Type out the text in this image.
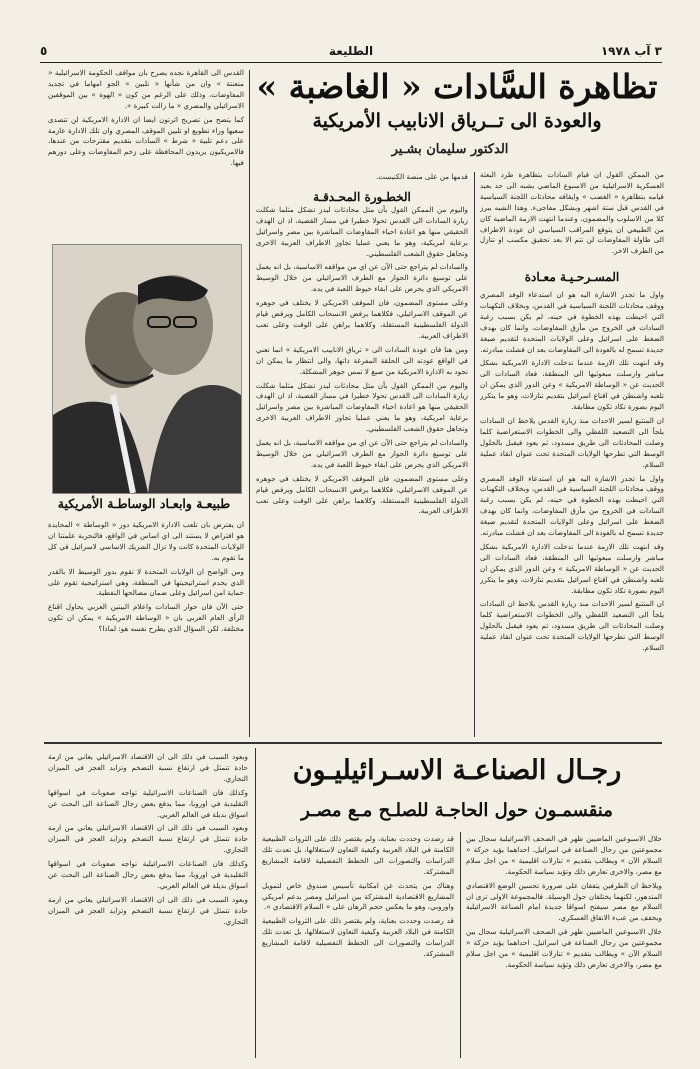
٣ آب ١٩٧٨
الطليعة
٥
تظاهرة السَّادات « الغاضبة »
والعودة الى تــرياق الانابيب الأمريكية
الدكتور سليمان بشـير

من الممكن القول ان قيام السادات بتظاهرة طرد البعثة العسكرية الاسرائيلية من الاسبوع الماضي يشبه الى حد بعيد قيامه بتظاهرة « الغضب » وايقافه محادثات اللجنة السياسية في القدس قبل ستة اشهر وبشكل مفاجىء. وهذا الشبه يبرز كلا من الاسلوب والمضمون. وعندما انتهت الازمة الماضية كان من الطبيعي ان يتوقع المراقب السياسي ان عودة الاطراف الى طاولة المفاوضات لن تتم الا بعد تحقيق مكسب او تنازل من الطرف الاخر.

المسـرحـيـة معـادة

واول ما تجدر الاشارة اليه هو ان استدعاء الوفد المصري ووقف محادثات اللجنة السياسية في القدس، وبخلاف التكهنات التي احيطت بهذه الخطوة في حينه، لم يكن بسبب رغبة السادات في الخروج من مأزق المفاوضات، وانما كان بهدف الضغط على اسرائيل وعلى الولايات المتحدة لتقديم صيغة جديدة تسمح له بالعودة الى المفاوضات بعد ان فشلت مبادرته.

وقد انتهت تلك الازمة عندما تدخلت الادارة الامريكية بشكل مباشر وارسلت مبعوثيها الى المنطقة، فعاد السادات الى الحديث عن « الوساطة الامريكية » وعن الدور الذي يمكن ان تلعبه واشنطن في اقناع اسرائيل بتقديم تنازلات، وهو ما يتكرر اليوم بصورة تكاد تكون مطابقة.

ان المتتبع لسير الاحداث منذ زيارة القدس يلاحظ ان السادات يلجأ الى التصعيد اللفظي والى الخطوات الاستعراضية كلما وصلت المحادثات الى طريق مسدود، ثم يعود فيقبل بالحلول الوسط التي تطرحها الولايات المتحدة تحت عنوان انقاذ عملية السلام.

واول ما تجدر الاشارة اليه هو ان استدعاء الوفد المصري ووقف محادثات اللجنة السياسية في القدس، وبخلاف التكهنات التي احيطت بهذه الخطوة في حينه، لم يكن بسبب رغبة السادات في الخروج من مأزق المفاوضات، وانما كان بهدف الضغط على اسرائيل وعلى الولايات المتحدة لتقديم صيغة جديدة تسمح له بالعودة الى المفاوضات بعد ان فشلت مبادرته.

وقد انتهت تلك الازمة عندما تدخلت الادارة الامريكية بشكل مباشر وارسلت مبعوثيها الى المنطقة، فعاد السادات الى الحديث عن « الوساطة الامريكية » وعن الدور الذي يمكن ان تلعبه واشنطن في اقناع اسرائيل بتقديم تنازلات، وهو ما يتكرر اليوم بصورة تكاد تكون مطابقة.

ان المتتبع لسير الاحداث منذ زيارة القدس يلاحظ ان السادات يلجأ الى التصعيد اللفظي والى الخطوات الاستعراضية كلما وصلت المحادثات الى طريق مسدود، ثم يعود فيقبل بالحلول الوسط التي تطرحها الولايات المتحدة تحت عنوان انقاذ عملية السلام.

الخطـورة المحـدقـة

قدمها من على منصة الكنيست.

واليوم من الممكن القول بأن مثل محادثات ليدز تشكل مثلما شكلت زيارة السادات الى القدس تحولا خطيرا في مسار القضية، اذ ان الهدف الحقيقي منها هو اعادة احياء المفاوضات المباشرة بين مصر واسرائيل برعاية امريكية، وهو ما يعني عمليا تجاوز الاطراف العربية الاخرى وتجاهل حقوق الشعب الفلسطيني.

والسادات لم يتراجع حتى الآن عن اي من مواقفه الاساسية، بل انه يعمل على توسيع دائرة الحوار مع الطرف الاسرائيلي من خلال الوسيط الامريكي الذي يحرص على ابقاء خيوط اللعبة في يده.

وعلى مستوى المضمون، فان الموقف الامريكي لا يختلف في جوهره عن الموقف الاسرائيلي، فكلاهما يرفض الانسحاب الكامل ويرفض قيام الدولة الفلسطينية المستقلة، وكلاهما يراهن على الوقت وعلى تعب الاطراف العربية.

ومن هنا فان عودة السادات الى « ترياق الانابيب الامريكية » انما تعني في الواقع عودته الى الحلقة المفرغة ذاتها، والى انتظار ما يمكن ان تجود به الادارة الامريكية من صيغ لا تمس جوهر المشكلة.

واليوم من الممكن القول بأن مثل محادثات ليدز تشكل مثلما شكلت زيارة السادات الى القدس تحولا خطيرا في مسار القضية، اذ ان الهدف الحقيقي منها هو اعادة احياء المفاوضات المباشرة بين مصر واسرائيل برعاية امريكية، وهو ما يعني عمليا تجاوز الاطراف العربية الاخرى وتجاهل حقوق الشعب الفلسطيني.

والسادات لم يتراجع حتى الآن عن اي من مواقفه الاساسية، بل انه يعمل على توسيع دائرة الحوار مع الطرف الاسرائيلي من خلال الوسيط الامريكي الذي يحرص على ابقاء خيوط اللعبة في يده.

وعلى مستوى المضمون، فان الموقف الامريكي لا يختلف في جوهره عن الموقف الاسرائيلي، فكلاهما يرفض الانسحاب الكامل ويرفض قيام الدولة الفلسطينية المستقلة، وكلاهما يراهن على الوقت وعلى تعب الاطراف العربية.

القدس الى القاهرة نجده يصرح بان مواقف الحكومة الاسرائيلية « متعنتة » وان من شأنها « تلبين » الجو امهاما في تجديد المفاوضات، وذلك على الرغم من كون « الهوة » بين الموقفين الاسرائيلي والمصري « ما زالت كبيرة ».

كما يتضح من تصريح اثرتون ايضا ان الادارة الامريكية لن تتصدى سعيها وراء تطويع او تليين الموقف المصري وان تلك الادارة عازمة على دعم تلبية « شرط » السادات بتقديم مقترحات من عندها، فالامريكيون يريدون المحافظة على زخم المفاوضات وعلى دورهم فيها.

طبيعـة وابعـاد الوساطـة الأمريكية

ان يفترض بان تلعب الادارة الامريكية دور « الوساطة » المحايدة هو افتراض لا يستند الى اي اساس في الواقع، فالتجربة علمتنا ان الولايات المتحدة كانت ولا تزال الشريك الاساسي لاسرائيل في كل ما تقوم به.

ومن الواضح ان الولايات المتحدة لا تقوم بدور الوسيط الا بالقدر الذي يخدم استراتيجيتها في المنطقة، وهي استراتيجية تقوم على حماية امن اسرائيل وعلى ضمان مصالحها النفطية.

حتى الآن فان حوار السادات واعلام البيتين العربي يحاول اقناع الرأي العام العربي بان « الوساطة الامريكية » يمكن ان تكون مختلفة، لكن السؤال الذي يطرح نفسه هو: لماذا؟

رجـال الصناعـة الاسـرائيليـون
منقسمـون حول الحاجـة للصلـح مـع مصـر

خلال الاسبوعين الماضيين ظهر في الصحف الاسرائيلية سجال بين مجموعتين من رجال الصناعة في اسرائيل. احداهما يؤيد حركة « السلام الآن » ويطالب بتقديم « تنازلات اقليمية » من اجل سلام مع مصر، والاخرى تعارض ذلك وتؤيد سياسة الحكومة.

ويلاحظ ان الطرفين يتفقان على ضرورة تحسين الوضع الاقتصادي المتدهور، لكنهما يختلفان حول الوسيلة. فالمجموعة الاولى ترى ان السلام مع مصر سيفتح اسواقا جديدة امام الصناعة الاسرائيلية ويخفف من عبء الانفاق العسكري.

خلال الاسبوعين الماضيين ظهر في الصحف الاسرائيلية سجال بين مجموعتين من رجال الصناعة في اسرائيل. احداهما يؤيد حركة « السلام الآن » ويطالب بتقديم « تنازلات اقليمية » من اجل سلام مع مصر، والاخرى تعارض ذلك وتؤيد سياسة الحكومة.

قد رصدت وحددت بعناية، ولم يقتصر ذلك على الثروات الطبيعية الكامنة في البلاد العربية وكيفية التعاون لاستغلالها، بل تعدت تلك الدراسات والتصورات الى الخطط التفصيلية لاقامة المشاريع المشتركة.

وهناك من يتحدث عن امكانية تأسيس صندوق خاص لتمويل المشاريع الاقتصادية المشتركة بين اسرائيل ومصر بدعم امريكي واوروبي، وهو ما يعكس حجم الرهان على « السلام الاقتصادي ».

قد رصدت وحددت بعناية، ولم يقتصر ذلك على الثروات الطبيعية الكامنة في البلاد العربية وكيفية التعاون لاستغلالها، بل تعدت تلك الدراسات والتصورات الى الخطط التفصيلية لاقامة المشاريع المشتركة.

وبعود السبب في ذلك الى ان الاقتصاد الاسرائيلي يعاني من ازمة حادة تتمثل في ارتفاع نسبة التضخم وتزايد العجز في الميزان التجاري.

وكذلك فان الصناعات الاسرائيلية تواجه صعوبات في اسواقها التقليدية في اوروبا، مما يدفع بعض رجال الصناعة الى البحث عن اسواق بديلة في العالم العربي.

وبعود السبب في ذلك الى ان الاقتصاد الاسرائيلي يعاني من ازمة حادة تتمثل في ارتفاع نسبة التضخم وتزايد العجز في الميزان التجاري.

وكذلك فان الصناعات الاسرائيلية تواجه صعوبات في اسواقها التقليدية في اوروبا، مما يدفع بعض رجال الصناعة الى البحث عن اسواق بديلة في العالم العربي.

وبعود السبب في ذلك الى ان الاقتصاد الاسرائيلي يعاني من ازمة حادة تتمثل في ارتفاع نسبة التضخم وتزايد العجز في الميزان التجاري.
